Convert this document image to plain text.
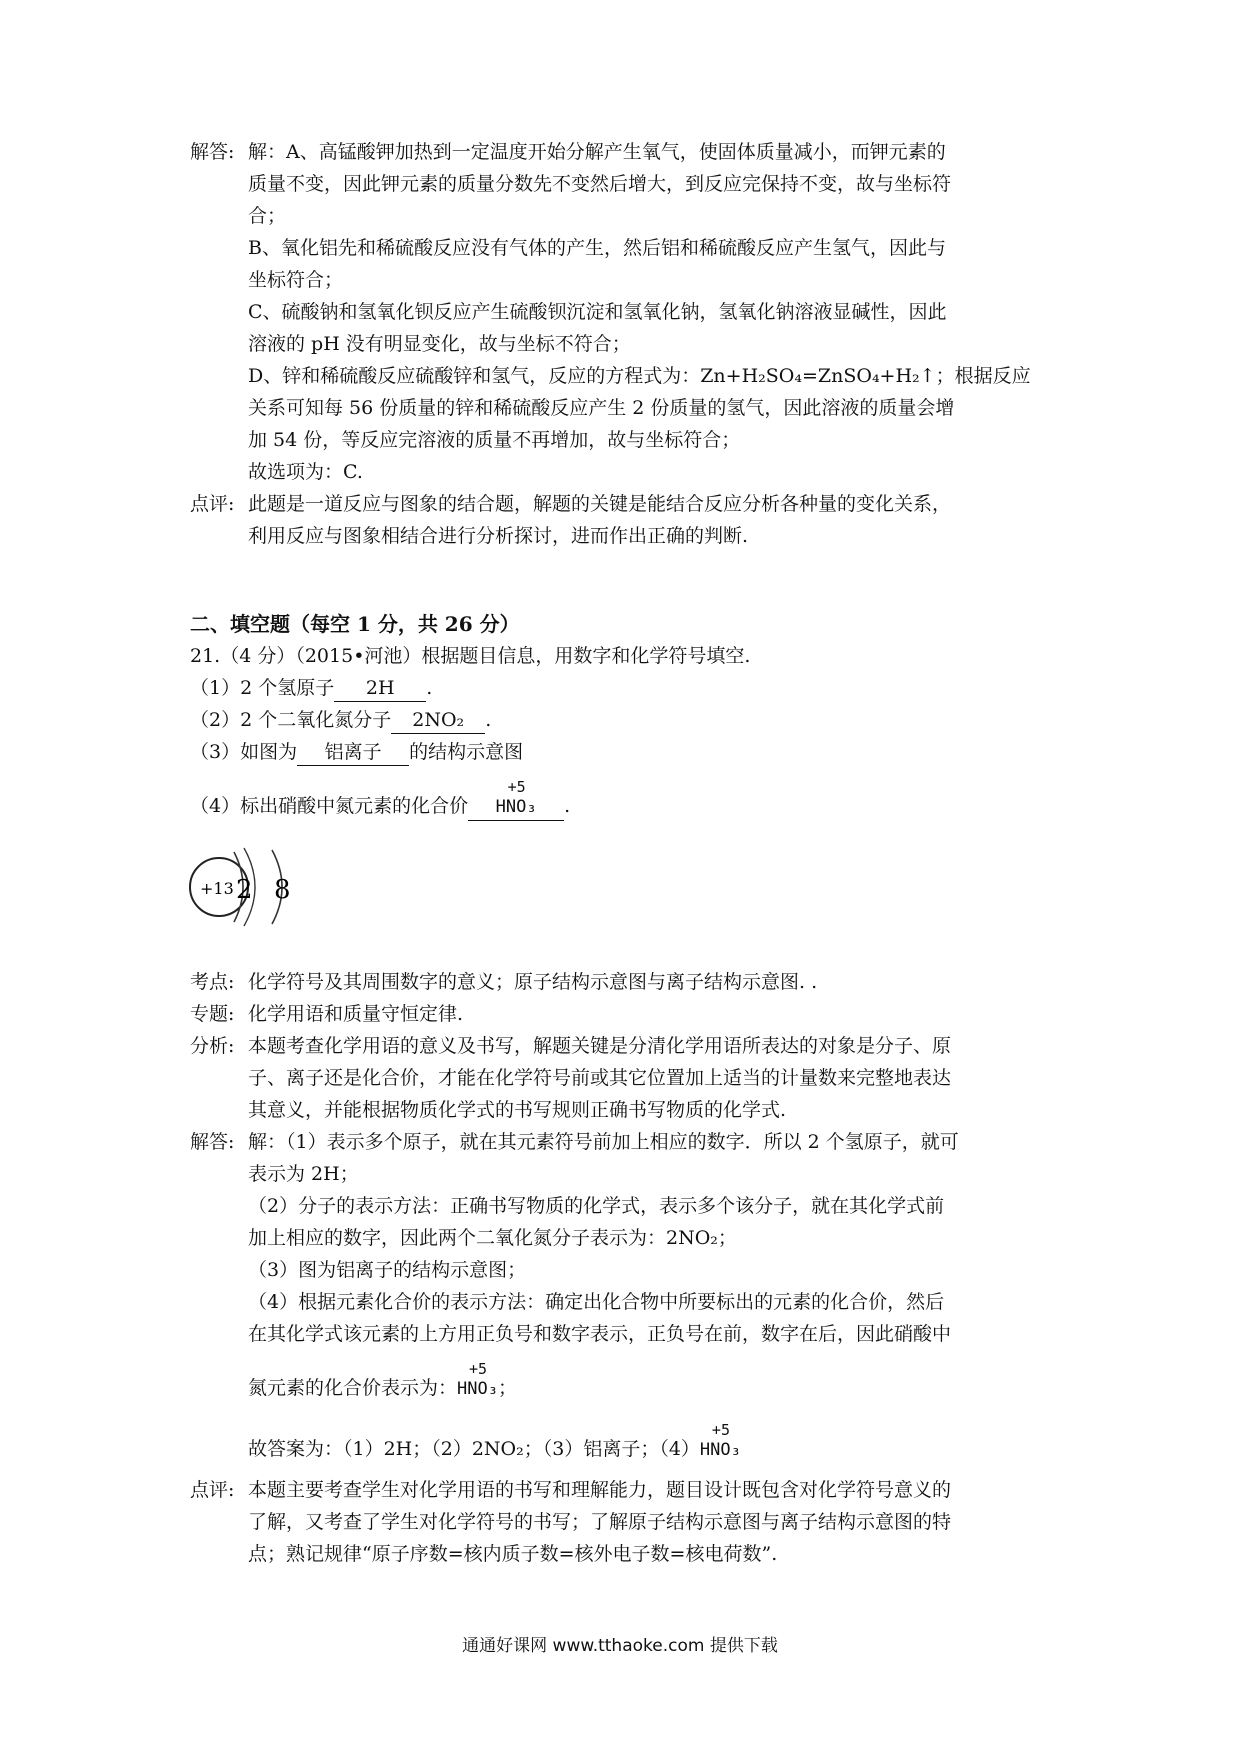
解答: 解：A、高锰酸钾加热到一定温度开始分解产生氧气，使固体质量减小，而钾元素的

质量不变，因此钾元素的质量分数先不变然后增大，到反应完保持不变，故与坐标符

合；

B、氧化铝先和稀硫酸反应没有气体的产生，然后铝和稀硫酸反应产生氢气，因此与

坐标符合；

C、硫酸钠和氢氧化钡反应产生硫酸钡沉淀和氢氧化钠，氢氧化钠溶液显碱性，因此

溶液的 pH 没有明显变化，故与坐标不符合；

D、锌和稀硫酸反应硫酸锌和氢气，反应的方程式为：Zn+H₂SO₄=ZnSO₄+H₂↑；根据反应

关系可知每 56 份质量的锌和稀硫酸反应产生 2 份质量的氢气，因此溶液的质量会增

加 54 份，等反应完溶液的质量不再增加，故与坐标符合；

故选项为：C.

点评: 此题是一道反应与图象的结合题，解题的关键是能结合反应分析各种量的变化关系，

利用反应与图象相结合进行分析探讨，进而作出正确的判断.

二、填空题（每空 1 分，共 26 分）
21.（4 分）（2015•河池）根据题目信息，用数字和化学符号填空.
（1）2 个氢原子 2H .
（2）2 个二氧化氮分子 2NO₂ .
（3）如图为 铝离子 的结构示意图
（4）标出硝酸中氮元素的化合价
+5
HNO₃ .
+13 2 8
考点: 化学符号及其周围数字的意义；原子结构示意图与离子结构示意图. .

专题: 化学用语和质量守恒定律.

分析: 本题考查化学用语的意义及书写，解题关键是分清化学用语所表达的对象是分子、原

子、离子还是化合价，才能在化学符号前或其它位置加上适当的计量数来完整地表达

其意义，并能根据物质化学式的书写规则正确书写物质的化学式.

解答: 解：（1）表示多个原子，就在其元素符号前加上相应的数字．所以 2 个氢原子，就可

表示为 2H；

（2）分子的表示方法：正确书写物质的化学式，表示多个该分子，就在其化学式前

加上相应的数字，因此两个二氧化氮分子表示为：2NO₂；

（3）图为铝离子的结构示意图；

（4）根据元素化合价的表示方法：确定出化合物中所要标出的元素的化合价，然后

在其化学式该元素的上方用正负号和数字表示，正负号在前，数字在后，因此硝酸中

氮元素的化合价表示为：
+5
HNO₃；

故答案为：（1）2H；（2）2NO₂；（3）铝离子；（4）
+5
HNO₃

点评: 本题主要考查学生对化学用语的书写和理解能力，题目设计既包含对化学符号意义的

了解，又考查了学生对化学符号的书写；了解原子结构示意图与离子结构示意图的特

点；熟记规律“原子序数=核内质子数=核外电子数=核电荷数”.

通通好课网 www.tthaoke.com 提供下载
